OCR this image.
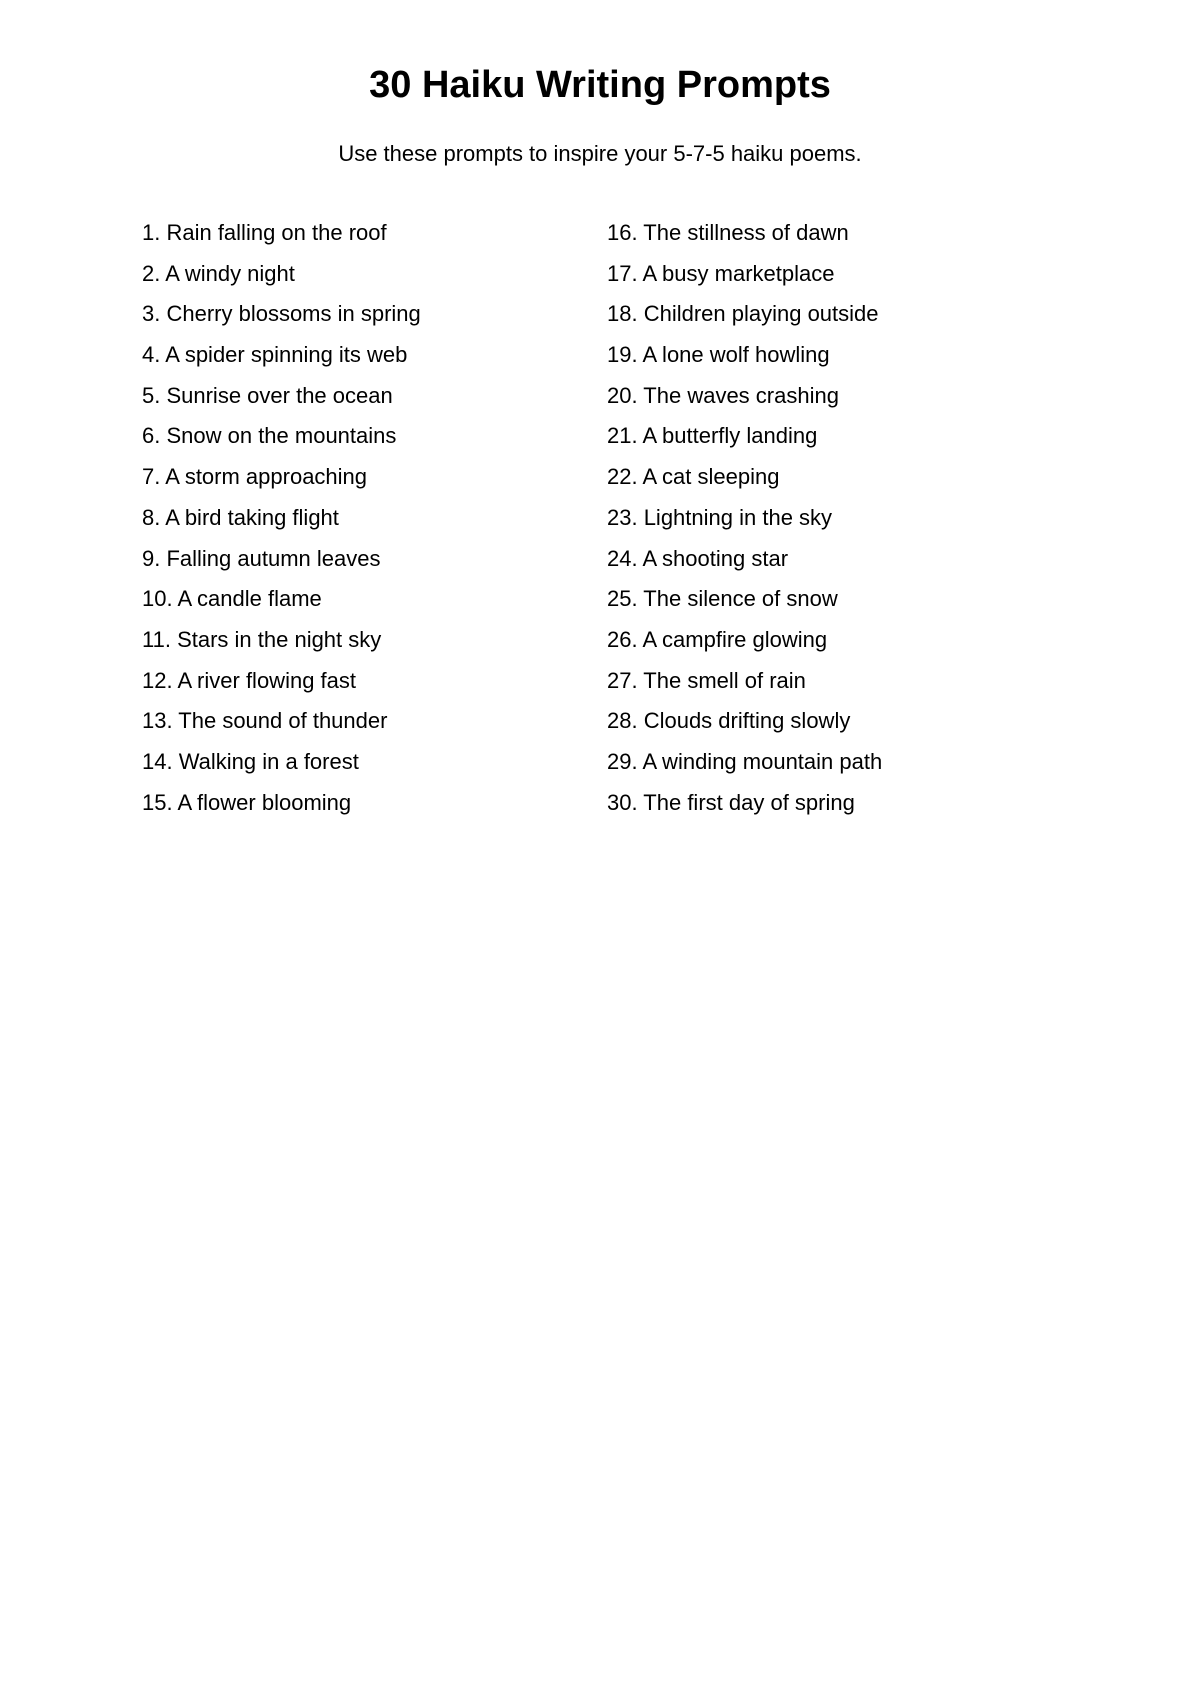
30 Haiku Writing Prompts

Use these prompts to inspire your 5-7-5 haiku poems.

1. Rain falling on the roof
2. A windy night
3. Cherry blossoms in spring
4. A spider spinning its web
5. Sunrise over the ocean
6. Snow on the mountains
7. A storm approaching
8. A bird taking flight
9. Falling autumn leaves
10. A candle flame
11. Stars in the night sky
12. A river flowing fast
13. The sound of thunder
14. Walking in a forest
15. A flower blooming
16. The stillness of dawn
17. A busy marketplace
18. Children playing outside
19. A lone wolf howling
20. The waves crashing
21. A butterfly landing
22. A cat sleeping
23. Lightning in the sky
24. A shooting star
25. The silence of snow
26. A campfire glowing
27. The smell of rain
28. Clouds drifting slowly
29. A winding mountain path
30. The first day of spring
